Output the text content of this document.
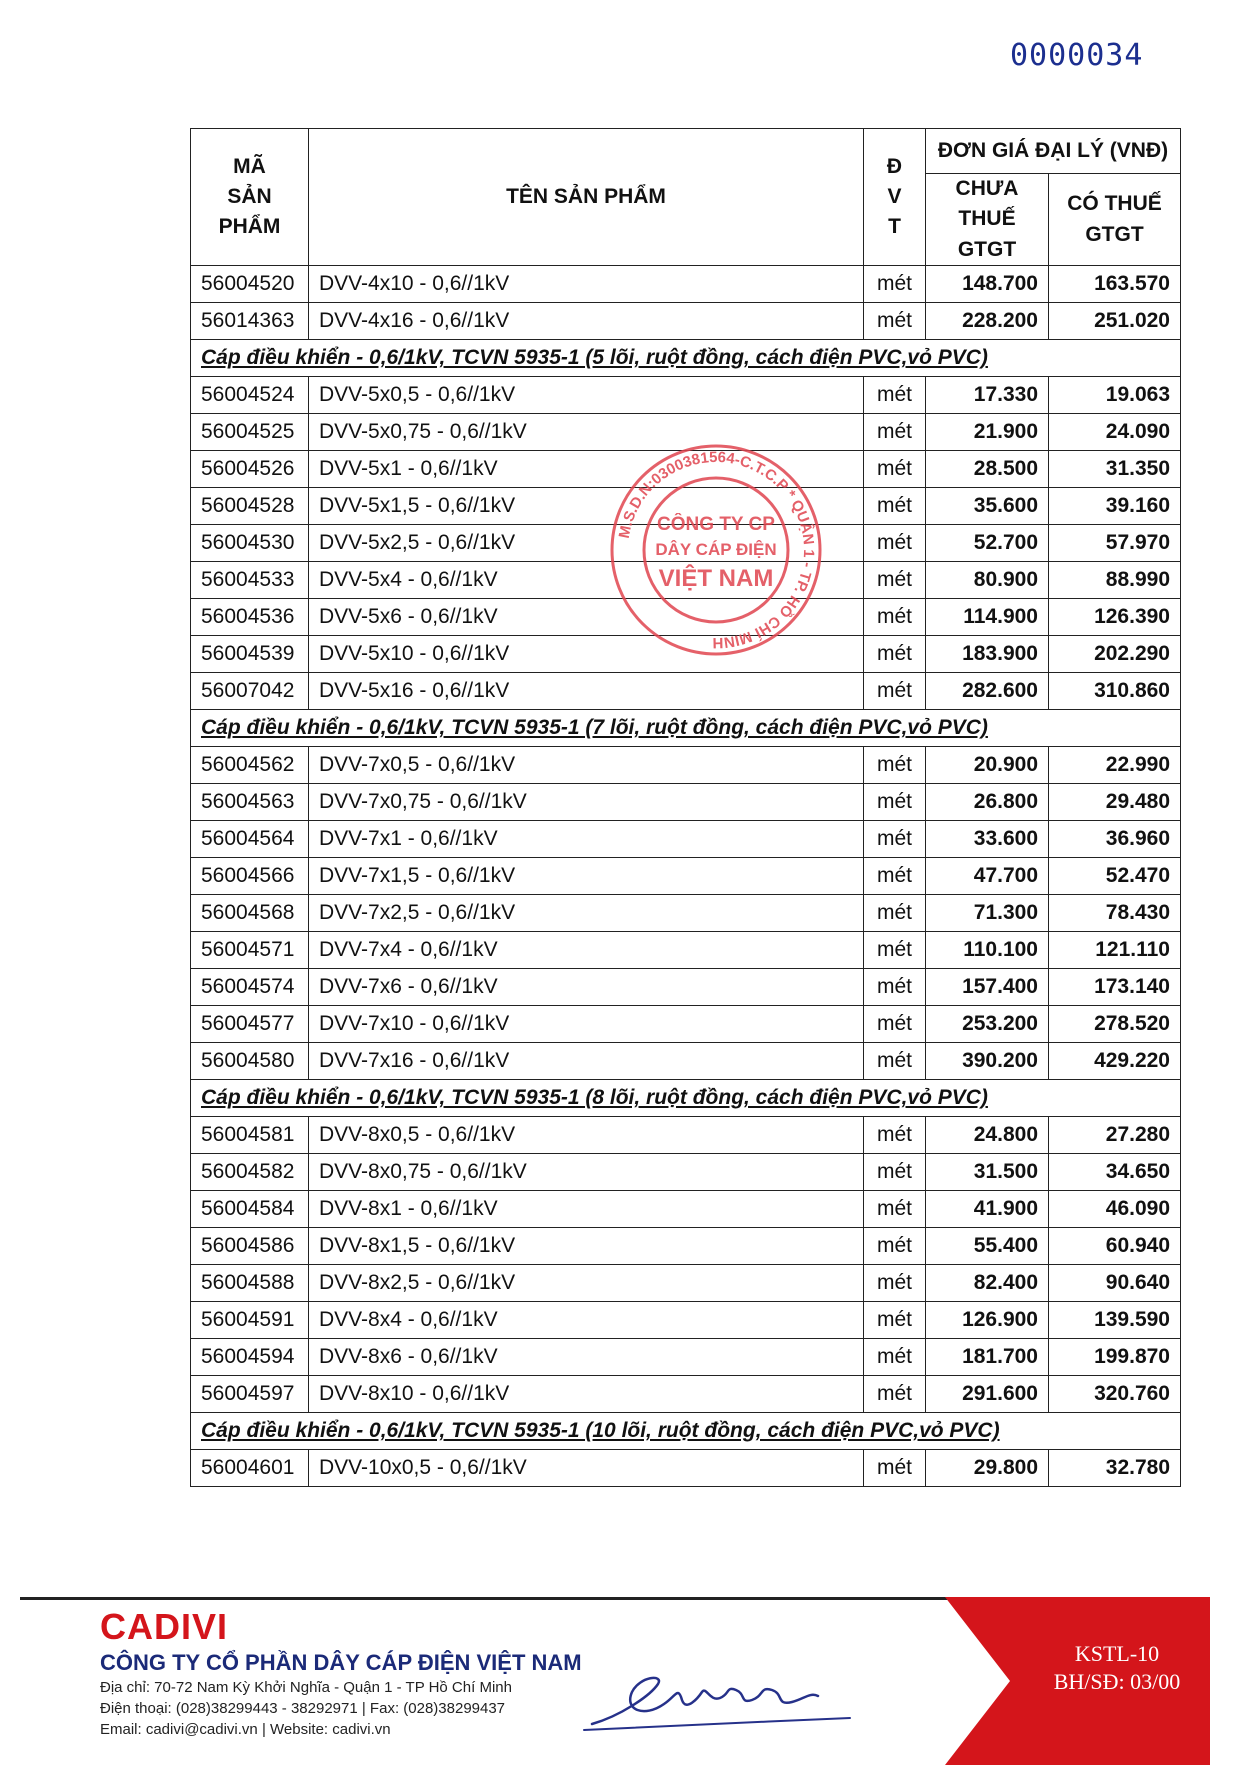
0000034
MÃ
SẢN
PHẨM	TÊN SẢN PHẨM	Đ
V
T	ĐƠN GIÁ ĐẠI LÝ (VNĐ)	
			CHƯA
THUẾ
GTGT	CÓ THUẾ
GTGT
56004520	DVV-4x10 - 0,6//1kV	mét	148.700	163.570
56014363	DVV-4x16 - 0,6//1kV	mét	228.200	251.020
Cáp điều khiển - 0,6/1kV, TCVN 5935-1 (5 lõi, ruột đồng, cách điện PVC,vỏ PVC)				
56004524	DVV-5x0,5 - 0,6//1kV	mét	17.330	19.063
56004525	DVV-5x0,75 - 0,6//1kV	mét	21.900	24.090
56004526	DVV-5x1 - 0,6//1kV	mét	28.500	31.350
56004528	DVV-5x1,5 - 0,6//1kV	mét	35.600	39.160
56004530	DVV-5x2,5 - 0,6//1kV	mét	52.700	57.970
56004533	DVV-5x4 - 0,6//1kV	mét	80.900	88.990
56004536	DVV-5x6 - 0,6//1kV	mét	114.900	126.390
56004539	DVV-5x10 - 0,6//1kV	mét	183.900	202.290
56007042	DVV-5x16 - 0,6//1kV	mét	282.600	310.860
Cáp điều khiển - 0,6/1kV, TCVN 5935-1 (7 lõi, ruột đồng, cách điện PVC,vỏ PVC)				
56004562	DVV-7x0,5 - 0,6//1kV	mét	20.900	22.990
56004563	DVV-7x0,75 - 0,6//1kV	mét	26.800	29.480
56004564	DVV-7x1 - 0,6//1kV	mét	33.600	36.960
56004566	DVV-7x1,5 - 0,6//1kV	mét	47.700	52.470
56004568	DVV-7x2,5 - 0,6//1kV	mét	71.300	78.430
56004571	DVV-7x4 - 0,6//1kV	mét	110.100	121.110
56004574	DVV-7x6 - 0,6//1kV	mét	157.400	173.140
56004577	DVV-7x10 - 0,6//1kV	mét	253.200	278.520
56004580	DVV-7x16 - 0,6//1kV	mét	390.200	429.220
Cáp điều khiển - 0,6/1kV, TCVN 5935-1 (8 lõi, ruột đồng, cách điện PVC,vỏ PVC)				
56004581	DVV-8x0,5 - 0,6//1kV	mét	24.800	27.280
56004582	DVV-8x0,75 - 0,6//1kV	mét	31.500	34.650
56004584	DVV-8x1 - 0,6//1kV	mét	41.900	46.090
56004586	DVV-8x1,5 - 0,6//1kV	mét	55.400	60.940
56004588	DVV-8x2,5 - 0,6//1kV	mét	82.400	90.640
56004591	DVV-8x4 - 0,6//1kV	mét	126.900	139.590
56004594	DVV-8x6 - 0,6//1kV	mét	181.700	199.870
56004597	DVV-8x10 - 0,6//1kV	mét	291.600	320.760
Cáp điều khiển - 0,6/1kV, TCVN 5935-1 (10 lõi, ruột đồng, cách điện PVC,vỏ PVC)				
56004601	DVV-10x0,5 - 0,6//1kV	mét	29.800	32.780
M.S.D.N:0300381564-C.T.C.P * QUẬN 1 - TP. HỒ CHÍ MINH
CÔNG TY CP
DÂY CÁP ĐIỆN
VIỆT NAM
CADIVI
CÔNG TY CỔ PHẦN DÂY CÁP ĐIỆN VIỆT NAM
Địa chỉ: 70-72 Nam Kỳ Khởi Nghĩa - Quận 1 - TP Hồ Chí Minh
Điện thoại: (028)38299443 - 38292971 | Fax: (028)38299437
Email: cadivi@cadivi.vn | Website: cadivi.vn
KSTL-10
BH/SĐ: 03/00
